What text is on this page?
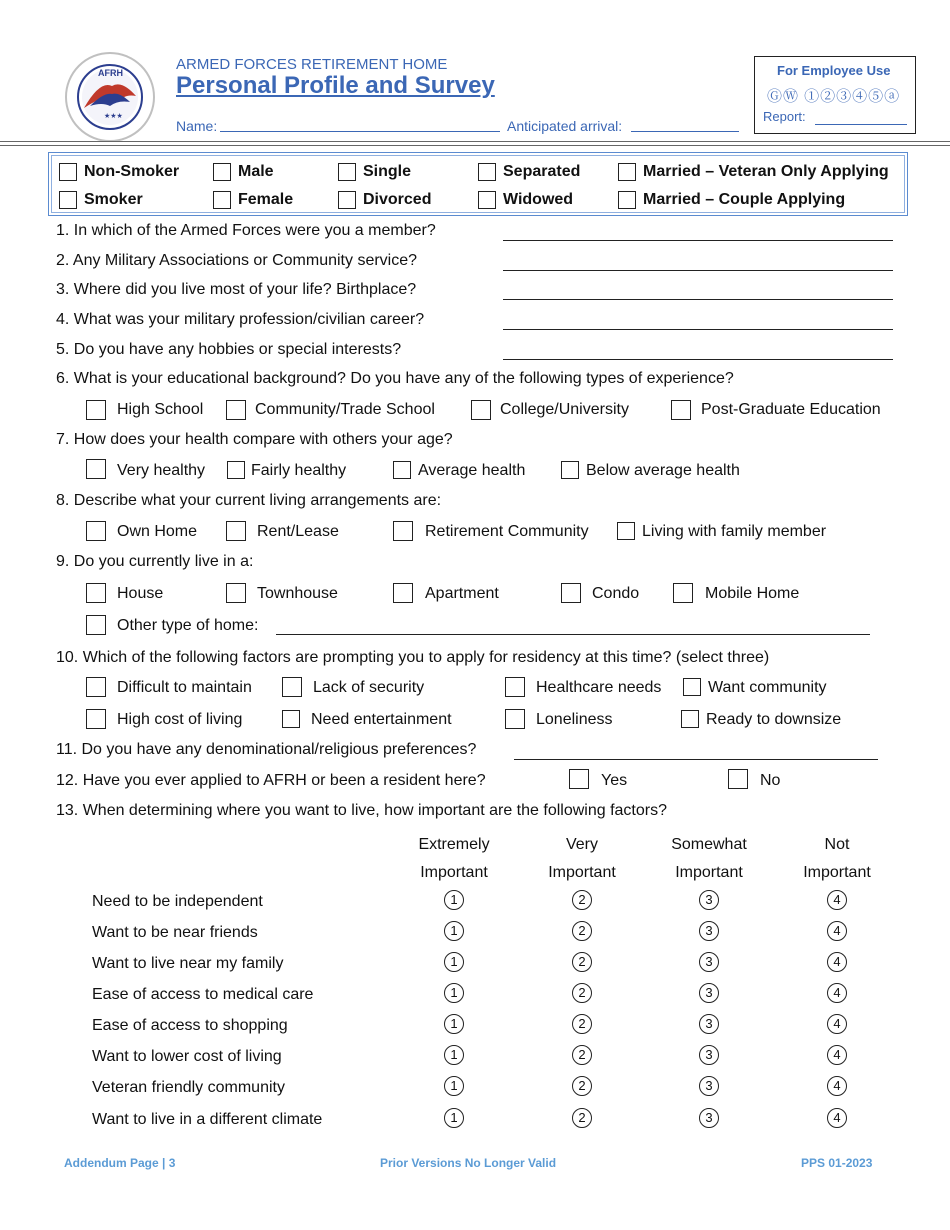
★★★
AFRH	ARMED FORCES RETIREMENT HOME
Personal Profile and Survey
Name:	Anticipated arrival:
For Employee Use
ⒼⓌ ①②③④⑤ⓐ
Report:
Non-Smoker	Male	Single	Separated	Married – Veteran Only Applying
Smoker	Female	Divorced	Widowed	Married – Couple Applying
1. In which of the Armed Forces were you a member?
2. Any Military Associations or Community service?
3. Where did you live most of your life? Birthplace?
4. What was your military profession/civilian career?
5. Do you have any hobbies or special interests?
6. What is your educational background? Do you have any of the following types of experience?
High School	Community/Trade School	College/University	Post-Graduate Education
7. How does your health compare with others your age?
Very healthy	Fairly healthy	Average health	Below average health
8. Describe what your current living arrangements are:
Own Home	Rent/Lease	Retirement Community	Living with family member
9. Do you currently live in a:
House	Townhouse	Apartment	Condo	Mobile Home
Other type of home:
10. Which of the following factors are prompting you to apply for residency at this time? (select three)
Difficult to maintain	Lack of security	Healthcare needs	Want community
High cost of living	Need entertainment	Loneliness	Ready to downsize
11. Do you have any denominational/religious preferences?
12. Have you ever applied to AFRH or been a resident here?	Yes	No
13. When determining where you want to live, how important are the following factors?
Extremely
Important
Very
Important
Somewhat
Important
Not
Important
Need to be independent	1	2	3	4
Want to be near friends	1	2	3	4
Want to live near my family	1	2	3	4
Ease of access to medical care	1	2	3	4
Ease of access to shopping	1	2	3	4
Want to lower cost of living	1	2	3	4
Veteran friendly community	1	2	3	4
Want to live in a different climate	1	2	3	4
Addendum Page | 3	Prior Versions No Longer Valid	PPS 01-2023
